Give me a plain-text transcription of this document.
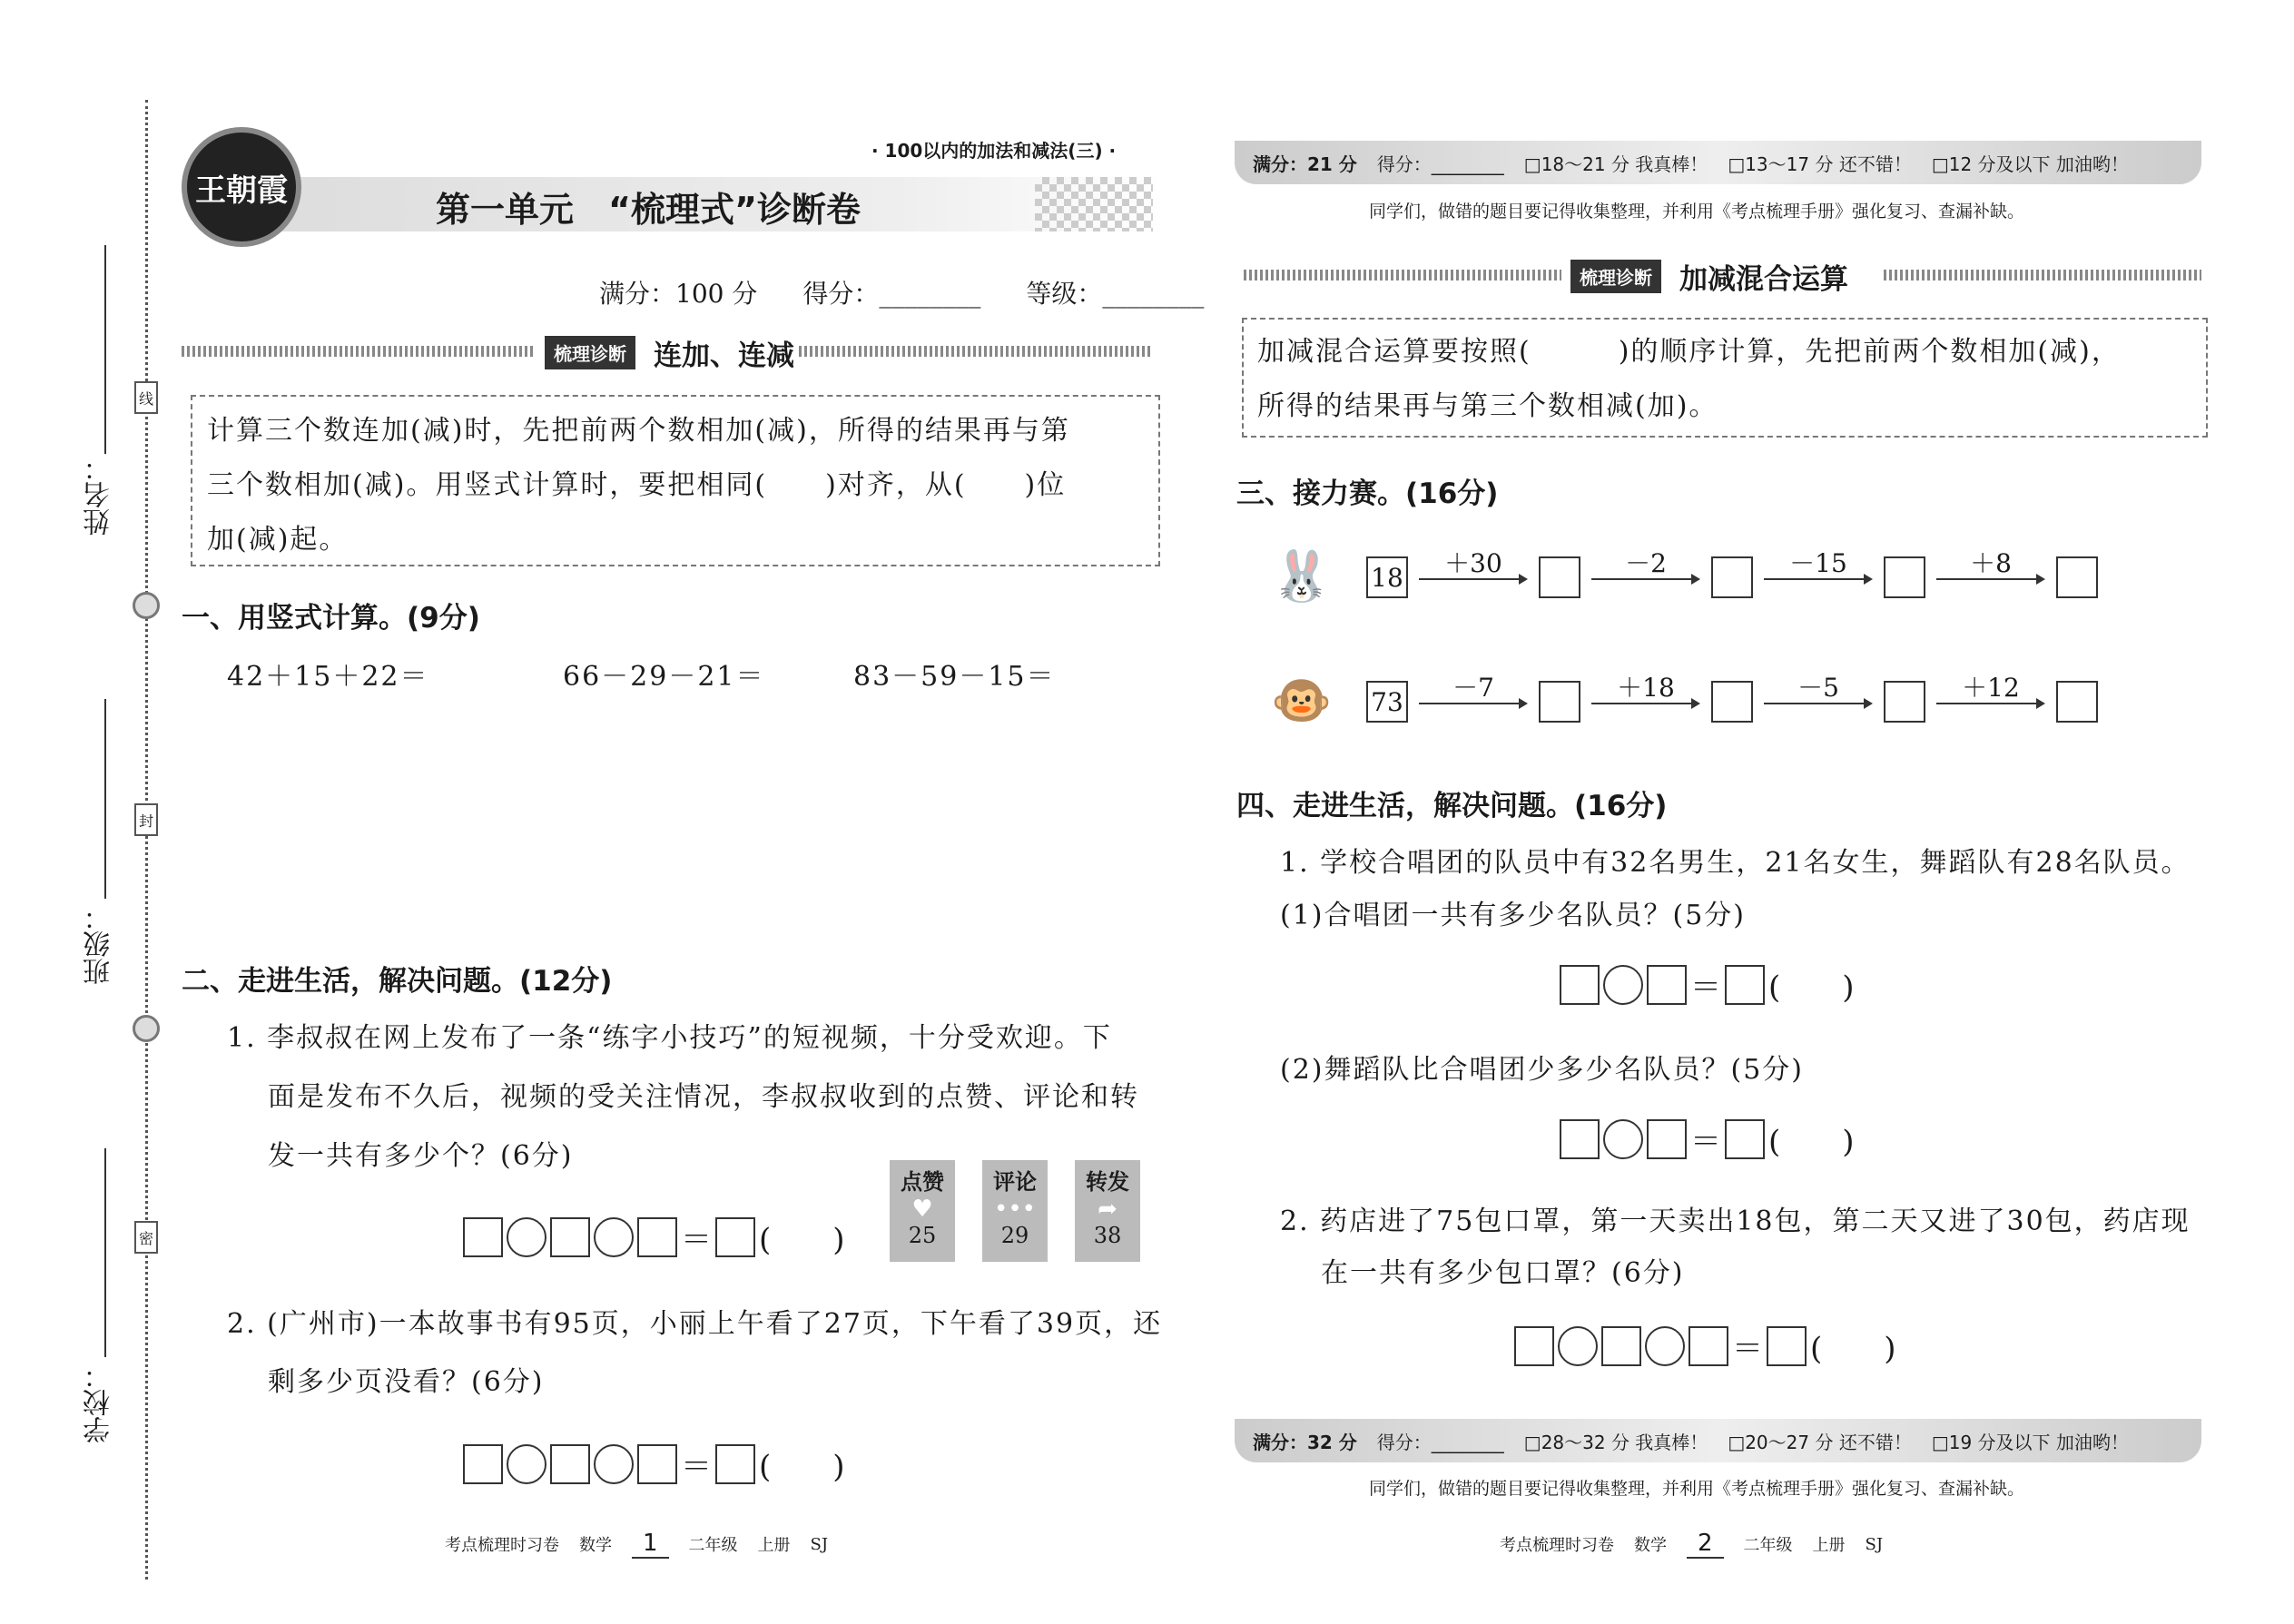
姓名：
班级：
学校：
线
封
密
王朝霞
· 100以内的加法和减法(三) ·
第一单元　“梳理式”诊断卷
满分：100 分 得分：________ 等级：________
梳理诊断 连加、连减
计算三个数连加(减)时，先把前两个数相加(减)，所得的结果再与第
三个数相加(减)。用竖式计算时，要把相同(　　)对齐，从(　　)位
加(减)起。
一、用竖式计算。(9分)
42＋15＋22＝	66－29－21＝	83－59－15＝
二、走进生活，解决问题。(12分)
1. 李叔叔在网上发布了一条“练字小技巧”的短视频，十分受欢迎。下
面是发布不久后，视频的受关注情况，李叔叔收到的点赞、评论和转
发一共有多少个？(6分)
＝ (　　)
点赞
♥
25
评论
•••
29
转发
➦
38
2. (广州市)一本故事书有95页，小丽上午看了27页，下午看了39页，还
剩多少页没看？(6分)
＝ (　　)
考点梳理时习卷 数学	1	二年级 上册 SJ
满分：21 分 得分：________ □18～21 分 我真棒！ □13～17 分 还不错！ □12 分及以下 加油哟！
同学们，做错的题目要记得收集整理，并利用《考点梳理手册》强化复习、查漏补缺。
梳理诊断 加减混合运算
加减混合运算要按照(　　　)的顺序计算，先把前两个数相加(减)，
所得的结果再与第三个数相减(加)。
三、接力赛。(16分)
🐰 18	＋30	－2	－15	＋8
🐵 73	－7	＋18	－5	＋12
四、走进生活，解决问题。(16分)
1. 学校合唱团的队员中有32名男生，21名女生，舞蹈队有28名队员。
(1)合唱团一共有多少名队员？(5分)
＝ (　　)
(2)舞蹈队比合唱团少多少名队员？(5分)
＝ (　　)
2. 药店进了75包口罩，第一天卖出18包，第二天又进了30包，药店现
在一共有多少包口罩？(6分)
＝ (　　)
满分：32 分 得分：________ □28～32 分 我真棒！ □20～27 分 还不错！ □19 分及以下 加油哟！
同学们，做错的题目要记得收集整理，并利用《考点梳理手册》强化复习、查漏补缺。
考点梳理时习卷 数学	2	二年级 上册 SJ
